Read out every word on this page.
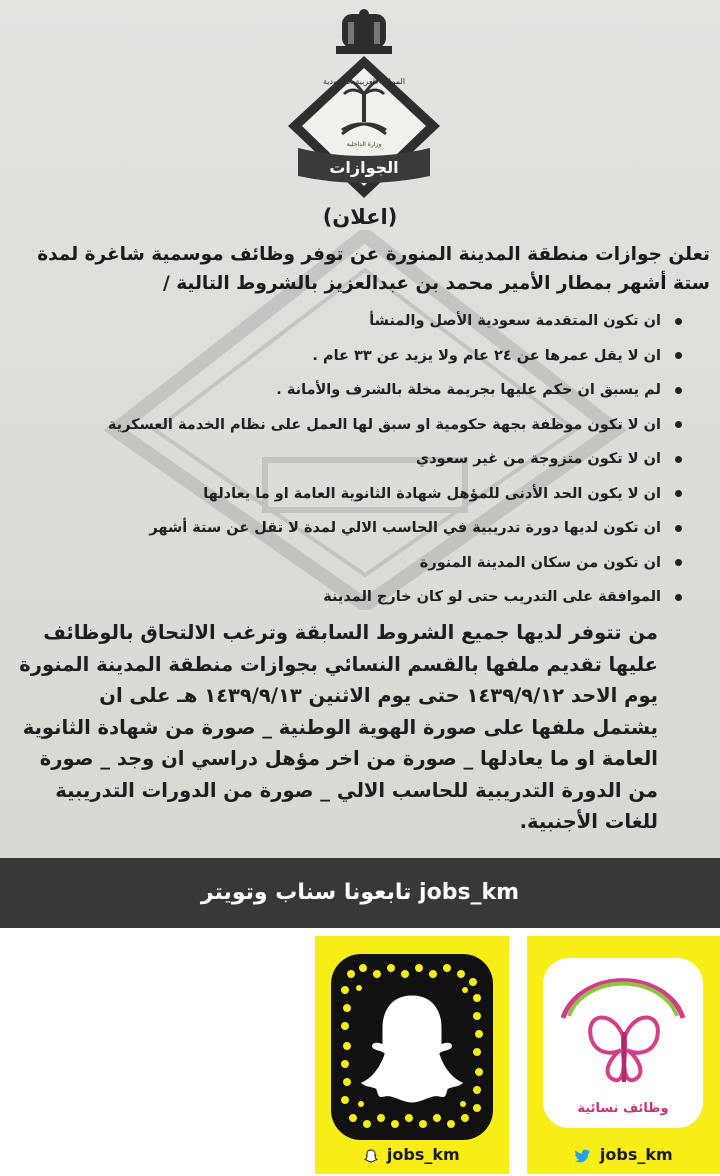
المملكة العربية السعودية
وزارة الداخلية
الجوازات
(اعلان)
تعلن جوازات منطقة المدينة المنورة عن توفر وظائف موسمية شاغرة لمدة
ستة أشهر بمطار الأمير محمد بن عبدالعزيز بالشروط التالية /
ان تكون المتقدمة سعودية الأصل والمنشأ
ان لا يقل عمرها عن ٢٤ عام ولا يزيد عن ٣٣ عام .
لم يسبق ان حكم عليها بجريمة مخلة بالشرف والأمانة .
ان لا تكون موظفة بجهة حكومية او سبق لها العمل على نظام الخدمة العسكرية
ان لا تكون متزوجة من غير سعودي
ان لا يكون الحد الأدنى للمؤهل شهادة الثانوية العامة او ما يعادلها
ان تكون لديها دورة تدريبية في الحاسب الالي لمدة لا تقل عن ستة أشهر
ان تكون من سكان المدينة المنورة
الموافقة على التدريب حتى لو كان خارج المدينة
من تتوفر لديها جميع الشروط السابقة وترغب الالتحاق بالوظائف
عليها تقديم ملفها بالقسم النسائي بجوازات منطقة المدينة المنورة
يوم الاحد ١٤٣٩/٩/١٢ حتى يوم الاثنين ١٤٣٩/٩/١٣ هـ على ان
يشتمل ملفها على صورة الهوية الوطنية _ صورة من شهادة الثانوية
العامة او ما يعادلها _ صورة من اخر مؤهل دراسي ان وجد _ صورة
من الدورة التدريبية للحاسب الالي _ صورة من الدورات التدريبية
للغات الأجنبية.
تابعونا سناب وتويتر jobs_km
jobs_km
وظائف نسائية
jobs_km
